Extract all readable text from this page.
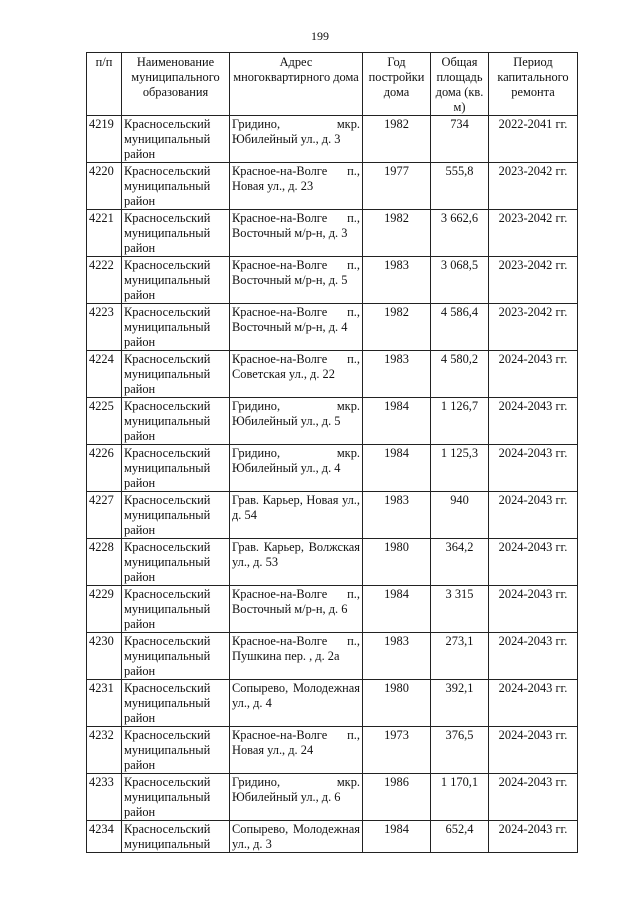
199
п/п	Наименование муниципального образования	Адрес многоквартирного дома	Год постройки дома	Общая площадь дома (кв. м)	Период капитального ремонта
4219	Красносельский муниципальный район	Гридино, мкр. Юбилейный ул., д. 3	1982	734	2022-2041 гг.
4220	Красносельский муниципальный район	Красное-на-Волге п., Новая ул., д. 23	1977	555,8	2023-2042 гг.
4221	Красносельский муниципальный район	Красное-на-Волге п., Восточный м/р-н, д. 3	1982	3 662,6	2023-2042 гг.
4222	Красносельский муниципальный район	Красное-на-Волге п., Восточный м/р-н, д. 5	1983	3 068,5	2023-2042 гг.
4223	Красносельский муниципальный район	Красное-на-Волге п., Восточный м/р-н, д. 4	1982	4 586,4	2023-2042 гг.
4224	Красносельский муниципальный район	Красное-на-Волге п., Советская ул., д. 22	1983	4 580,2	2024-2043 гг.
4225	Красносельский муниципальный район	Гридино, мкр. Юбилейный ул., д. 5	1984	1 126,7	2024-2043 гг.
4226	Красносельский муниципальный район	Гридино, мкр. Юбилейный ул., д. 4	1984	1 125,3	2024-2043 гг.
4227	Красносельский муниципальный район	Грав. Карьер, Новая ул., д. 54	1983	940	2024-2043 гг.
4228	Красносельский муниципальный район	Грав. Карьер, Волжская ул., д. 53	1980	364,2	2024-2043 гг.
4229	Красносельский муниципальный район	Красное-на-Волге п., Восточный м/р-н, д. 6	1984	3 315	2024-2043 гг.
4230	Красносельский муниципальный район	Красное-на-Волге п., Пушкина пер. , д. 2а	1983	273,1	2024-2043 гг.
4231	Красносельский муниципальный район	Сопырево, Молодежная ул., д. 4	1980	392,1	2024-2043 гг.
4232	Красносельский муниципальный район	Красное-на-Волге п., Новая ул., д. 24	1973	376,5	2024-2043 гг.
4233	Красносельский муниципальный район	Гридино, мкр. Юбилейный ул., д. 6	1986	1 170,1	2024-2043 гг.
4234	Красносельский муниципальный	Сопырево, Молодежная ул., д. 3	1984	652,4	2024-2043 гг.
